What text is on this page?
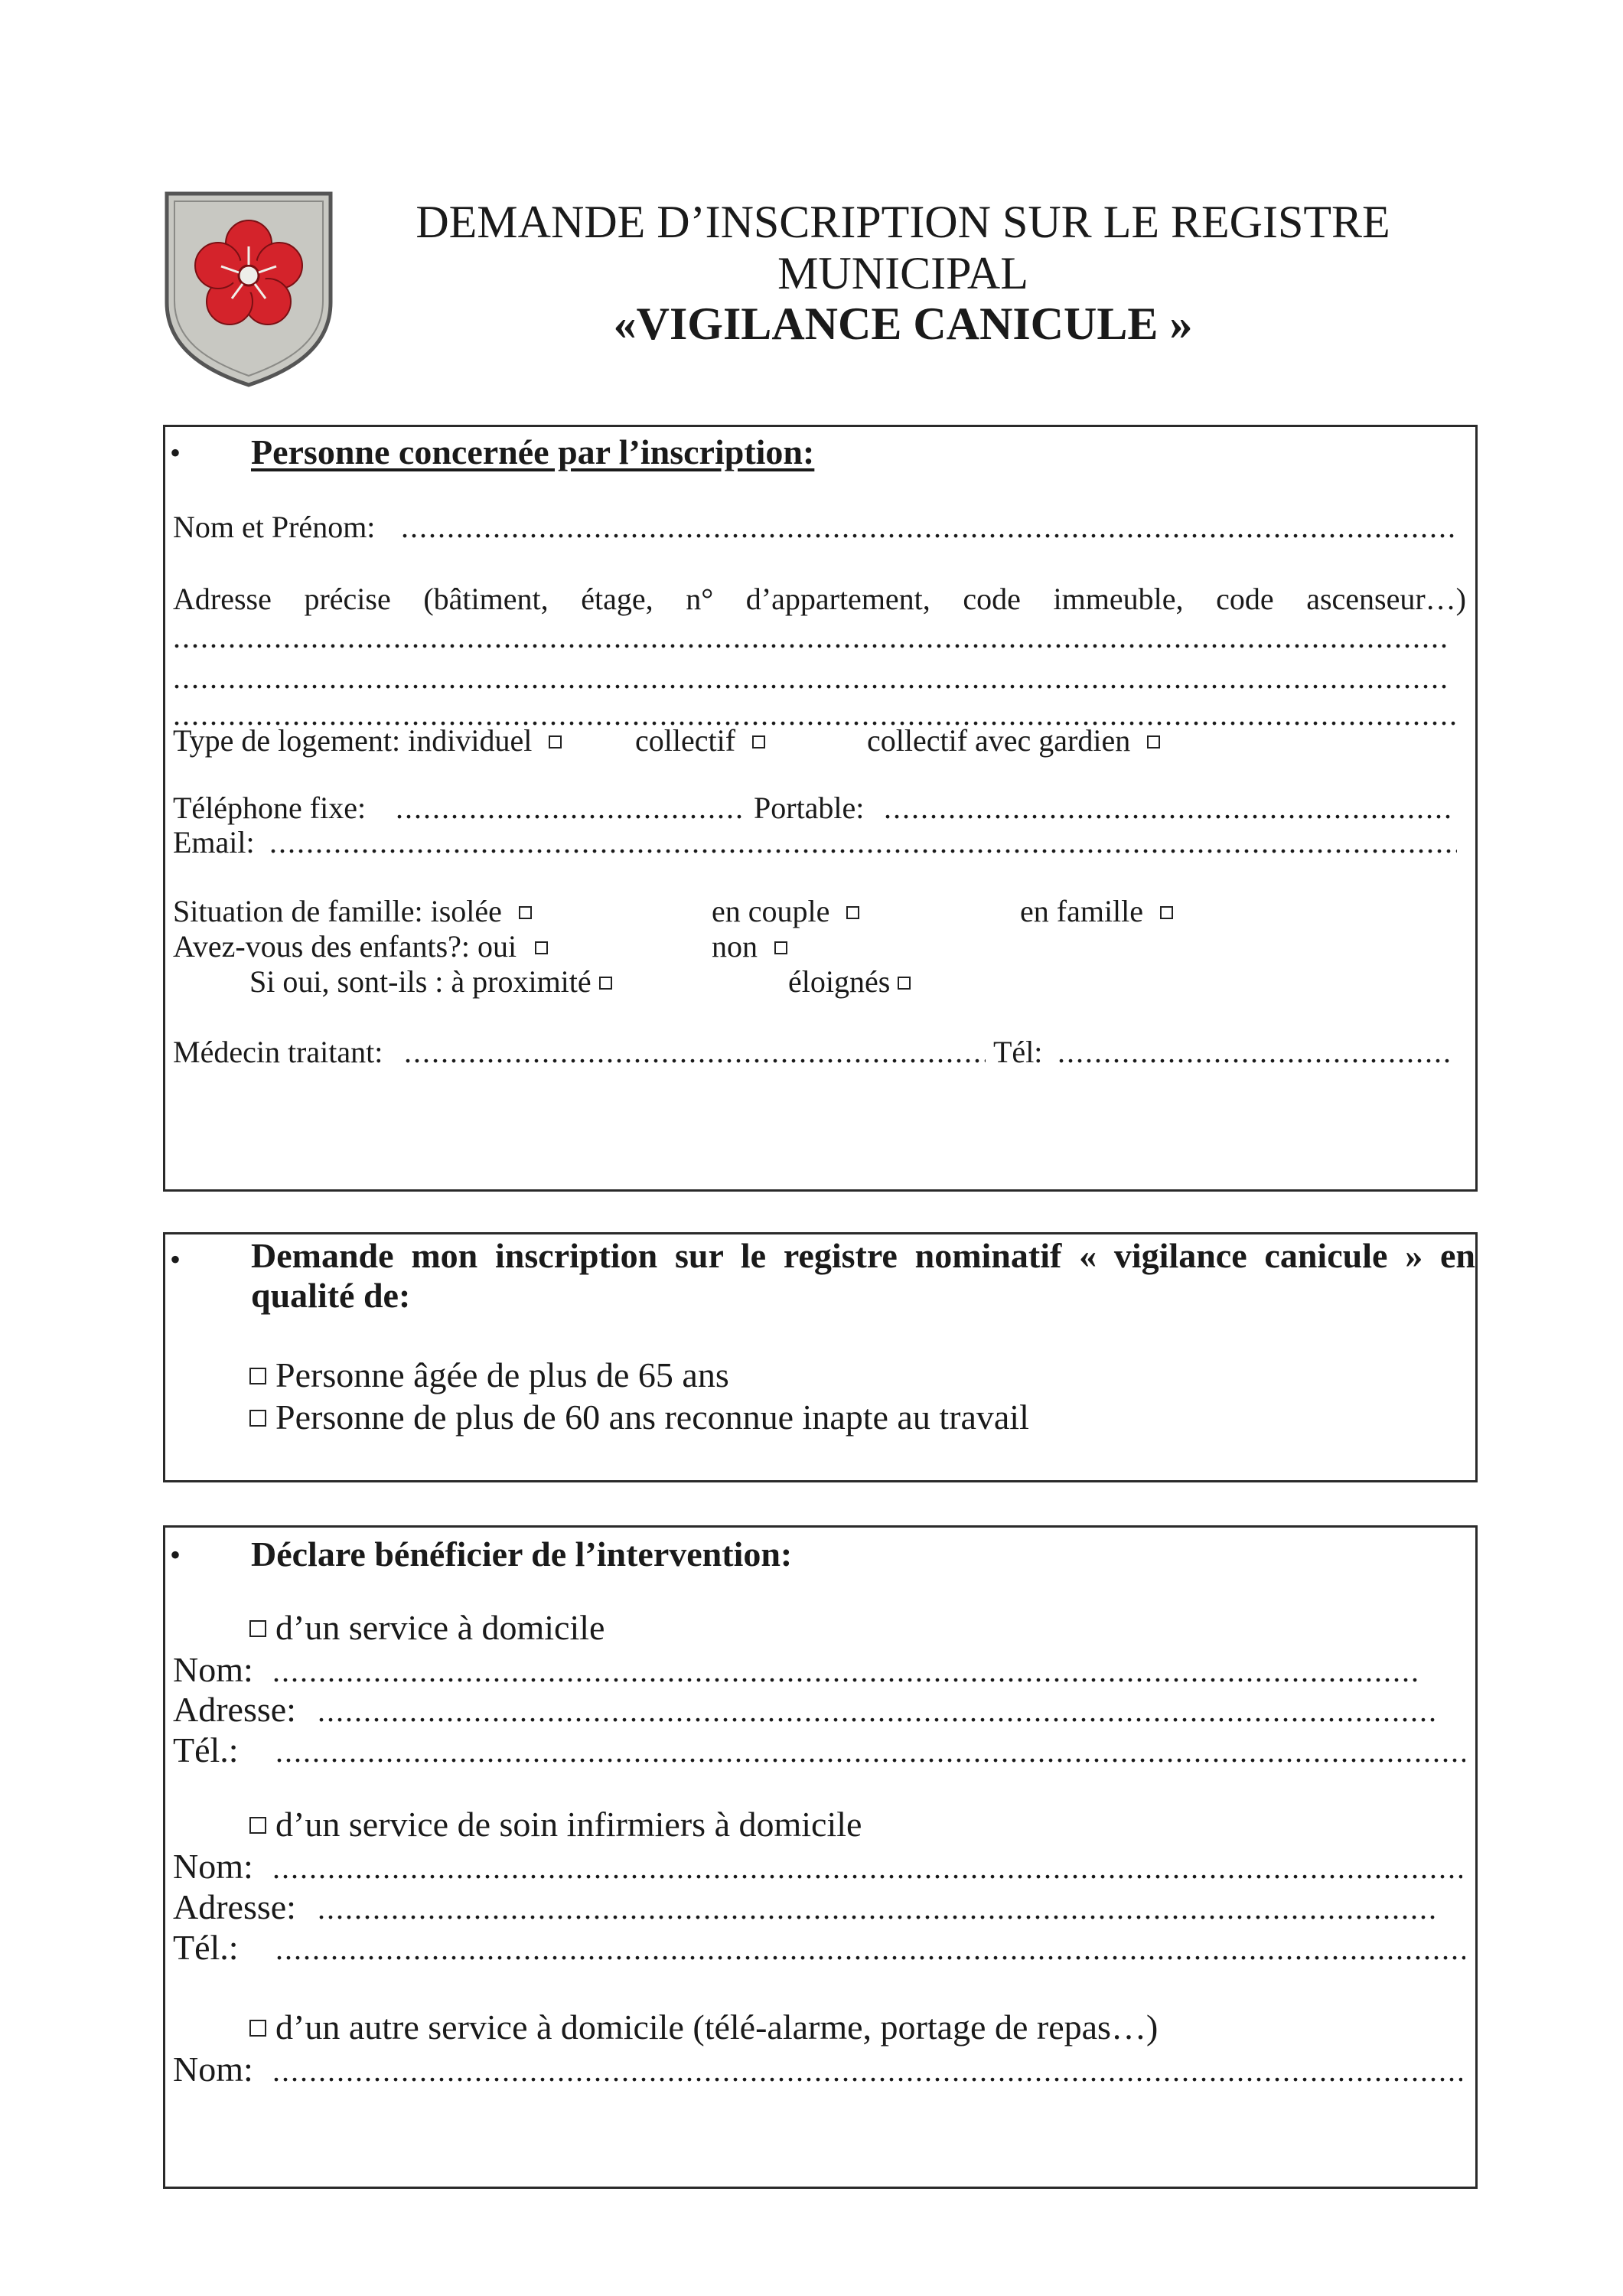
DEMANDE D’INSCRIPTION SUR LE REGISTRE
MUNICIPAL
«VIGILANCE CANICULE »
• Personne concernée par l’inscription:
Nom et Prénom:
.....
Adresse précise (bâtiment, étage, n° d’appartement, code immeuble, code ascenseur…)
.....
.....
.....
Type de logement: individuel	collectif	collectif avec gardien
Téléphone fixe: .....	Portable:
.....
Email:
.....
Situation de famille: isolée	en couple	en famille
Avez-vous des enfants?: oui	non
Si oui, sont-ils : à proximité	éloignés
Médecin traitant: .....	Tél:
.....
• Demande mon inscription sur le registre nominatif « vigilance canicule » en qualité de:
Personne âgée de plus de 65 ans
Personne de plus de 60 ans reconnue inapte au travail
• Déclare bénéficier de l’intervention:
d’un service à domicile
Nom:
.....
Adresse:
.....
Tél.:
.....
d’un service de soin infirmiers à domicile
Nom:
.....
Adresse:
.....
Tél.:
.....
d’un autre service à domicile (télé-alarme, portage de repas…)
Nom:
.....
